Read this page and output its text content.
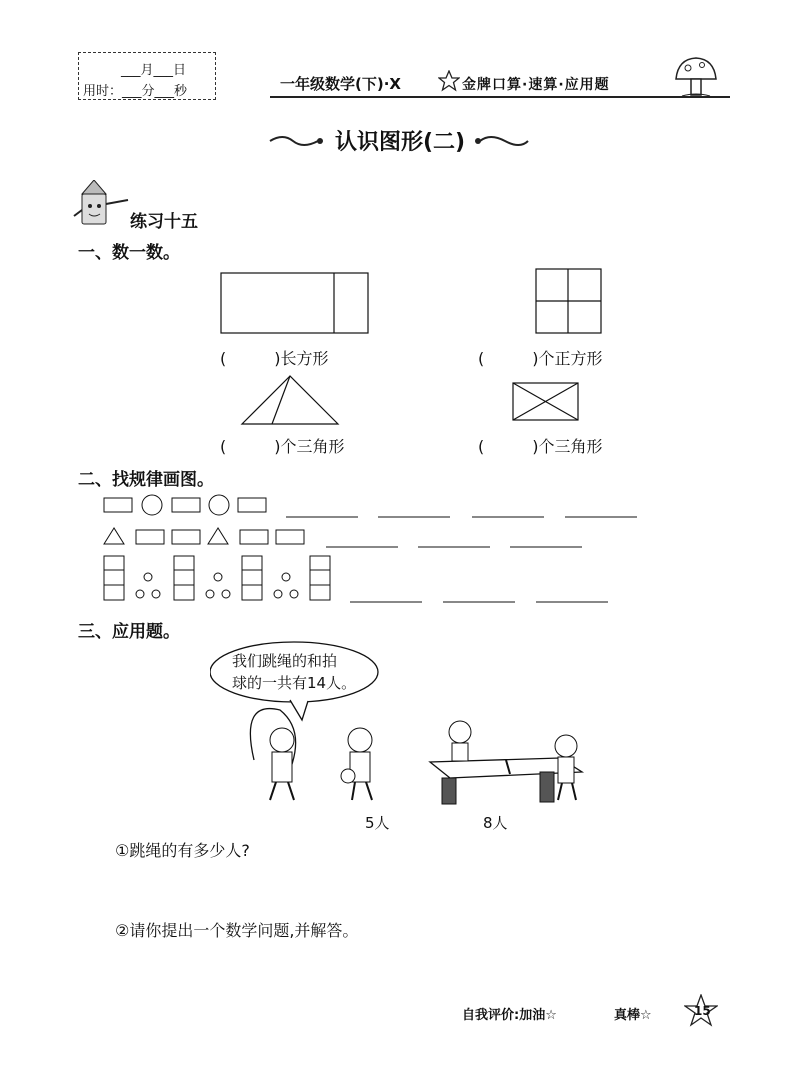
___月___日
用时：___分___秒	一年级数学(下)·X	金牌口算·速算·应用题
认识图形(二)
练习十五
一、数一数。
(　　　)长方形	(　　　)个正方形
(　　　)个三角形	(　　　)个三角形
二、找规律画图。
三、应用题。
我们跳绳的和拍
球的一共有14人。
5人	8人
①跳绳的有多少人?
②请你提出一个数学问题,并解答。
自我评价:加油☆	真棒☆	15
